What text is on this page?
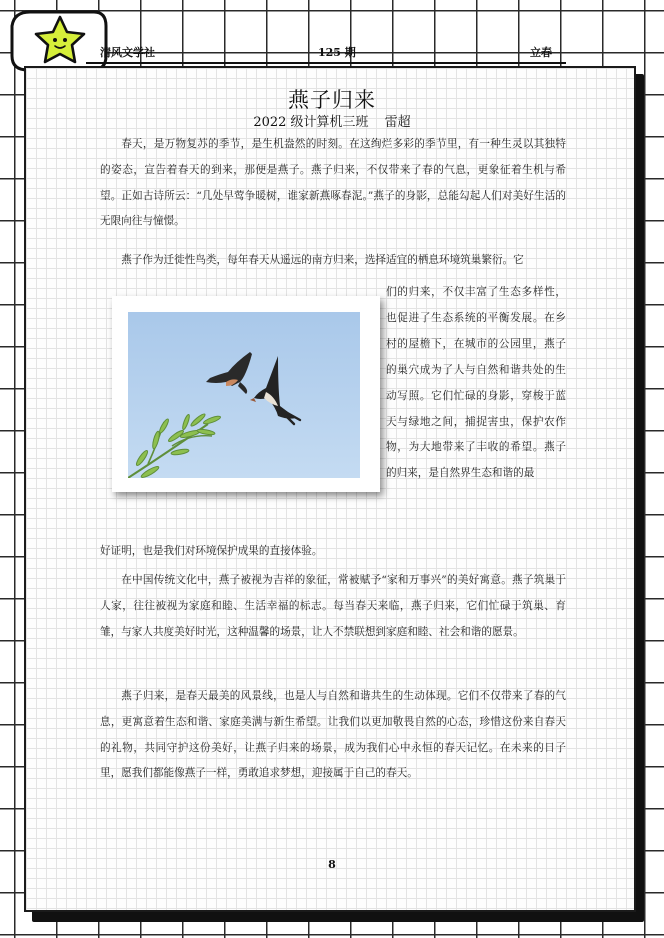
清风文学社	125 期	立春
燕子归来
2022 级计算机三班 雷超

春天，是万物复苏的季节，是生机盎然的时刻。在这绚烂多彩的季节里，有一种生灵以其独特的姿态，宣告着春天的到来，那便是燕子。燕子归来，不仅带来了春的气息，更象征着生机与希望。正如古诗所云：“几处早莺争暖树，谁家新燕啄春泥。”燕子的身影，总能勾起人们对美好生活的无限向往与憧憬。

燕子作为迁徙性鸟类，每年春天从遥远的南方归来，选择适宜的栖息环境筑巢繁衍。它

们的归来，不仅丰富了生态多样性，也促进了生态系统的平衡发展。在乡村的屋檐下，在城市的公园里，燕子的巢穴成为了人与自然和谐共处的生动写照。它们忙碌的身影，穿梭于蓝天与绿地之间，捕捉害虫，保护农作物，为大地带来了丰收的希望。燕子的归来，是自然界生态和谐的最

好证明，也是我们对环境保护成果的直接体验。

在中国传统文化中，燕子被视为吉祥的象征，常被赋予“家和万事兴”的美好寓意。燕子筑巢于人家，往往被视为家庭和睦、生活幸福的标志。每当春天来临，燕子归来，它们忙碌于筑巢、育雏，与家人共度美好时光，这种温馨的场景，让人不禁联想到家庭和睦、社会和谐的愿景。

燕子归来，是春天最美的风景线，也是人与自然和谐共生的生动体现。它们不仅带来了春的气息，更寓意着生态和谐、家庭美满与新生希望。让我们以更加敬畏自然的心态，珍惜这份来自春天的礼物，共同守护这份美好，让燕子归来的场景，成为我们心中永恒的春天记忆。在未来的日子里，愿我们都能像燕子一样，勇敢追求梦想，迎接属于自己的春天。

8
